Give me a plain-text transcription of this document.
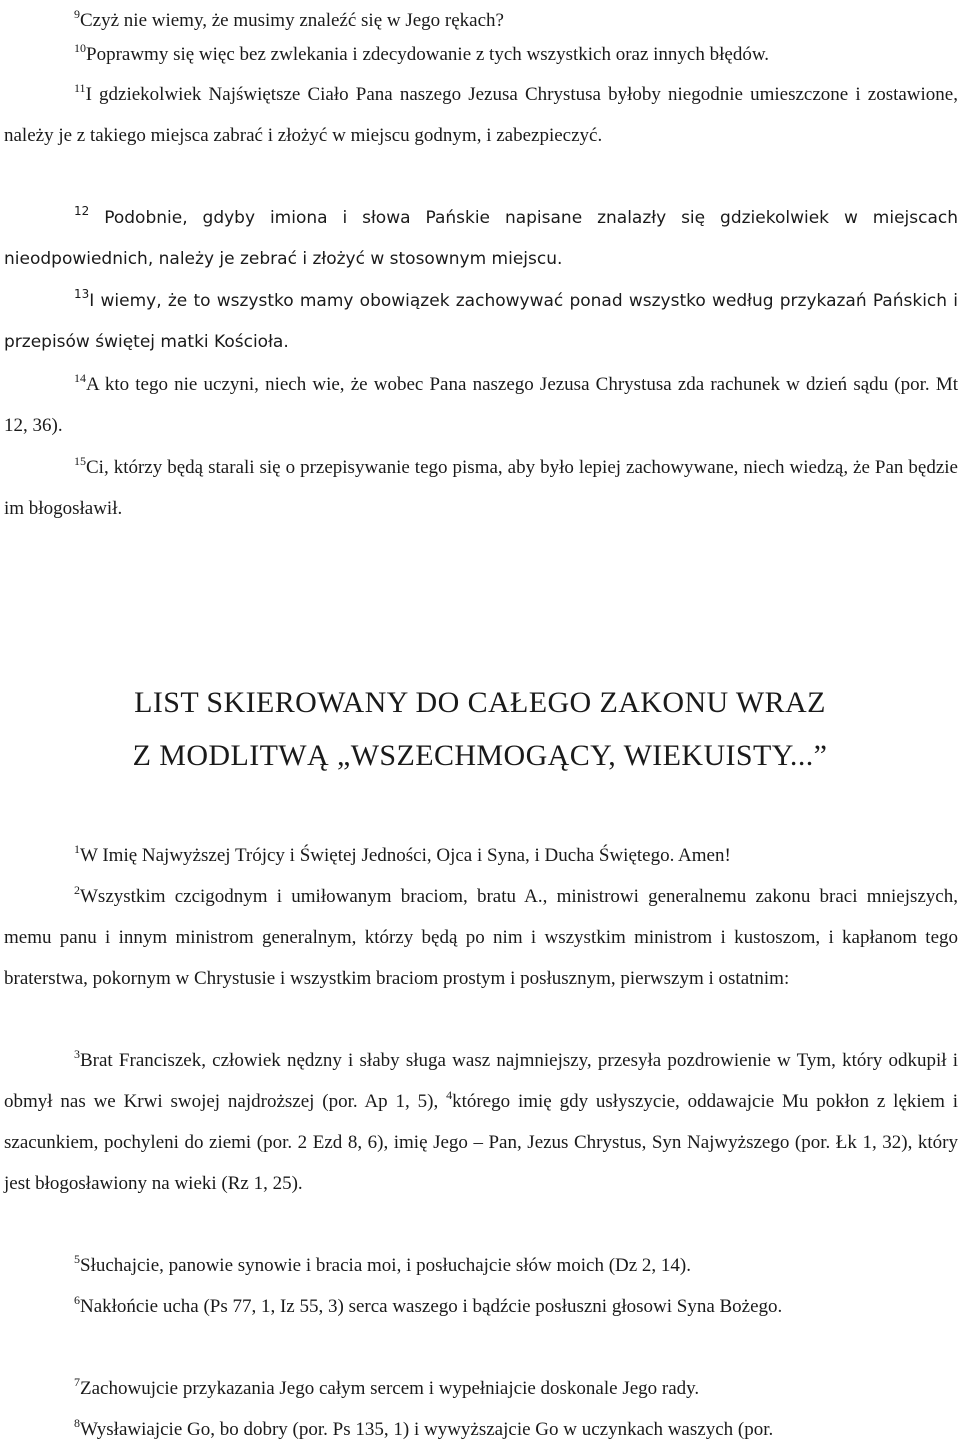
$^9$Czyż nie wiemy, że musimy znaleźć się w Jego rękach?

$^{10}$Poprawmy się więc bez zwlekania i zdecydowanie z tych wszystkich oraz innych błędów.

$^{11}$I gdziekolwiek Najświętsze Ciało Pana naszego Jezusa Chrystusa byłoby niegodnie umieszczone i zostawione, należy je z takiego miejsca zabrać i złożyć w miejscu godnym, i zabezpieczyć.

$^{12}$ Podobnie, gdyby imiona i słowa Pańskie napisane znalazły się gdziekolwiek w miejscach nieodpowiednich, należy je zebrać i złożyć w stosownym miejscu.

$^{13}$I wiemy, że to wszystko mamy obowiązek zachowywać ponad wszystko według przykazań Pańskich i przepisów świętej matki Kościoła.

$^{14}$A kto tego nie uczyni, niech wie, że wobec Pana naszego Jezusa Chrystusa zda rachunek w dzień sądu (por. Mt 12, 36).

$^{15}$Ci, którzy będą starali się o przepisywanie tego pisma, aby było lepiej zachowywane, niech wiedzą, że Pan będzie im błogosławił.

LIST SKIEROWANY DO CAŁEGO ZAKONU WRAZ

Z MODLITWĄ „WSZECHMOGĄCY, WIEKUISTY...”

$^1$W Imię Najwyższej Trójcy i Świętej Jedności, Ojca i Syna, i Ducha Świętego. Amen!

$^2$Wszystkim czcigodnym i umiłowanym braciom, bratu A., ministrowi generalnemu zakonu braci mniejszych, memu panu i innym ministrom generalnym, którzy będą po nim i wszystkim ministrom i kustoszom, i kapłanom tego braterstwa, pokornym w Chrystusie i wszystkim braciom prostym i posłusznym, pierwszym i ostatnim:

$^3$Brat Franciszek, człowiek nędzny i słaby sługa wasz najmniejszy, przesyła pozdrowienie w Tym, który odkupił i obmył nas we Krwi swojej najdroższej (por. Ap 1, 5), $^4$którego imię gdy usłyszycie, oddawajcie Mu pokłon z lękiem i szacunkiem, pochyleni do ziemi (por. 2 Ezd 8, 6), imię Jego – Pan, Jezus Chrystus, Syn Najwyższego (por. Łk 1, 32), który jest błogosławiony na wieki (Rz 1, 25).

$^5$Słuchajcie, panowie synowie i bracia moi, i posłuchajcie słów moich (Dz 2, 14).

$^6$Nakłońcie ucha (Ps 77, 1, Iz 55, 3) serca waszego i bądźcie posłuszni głosowi Syna Bożego.

$^7$Zachowujcie przykazania Jego całym sercem i wypełniajcie doskonale Jego rady.

$^8$Wysławiajcie Go, bo dobry (por. Ps 135, 1) i wywyższajcie Go w uczynkach waszych (por.
